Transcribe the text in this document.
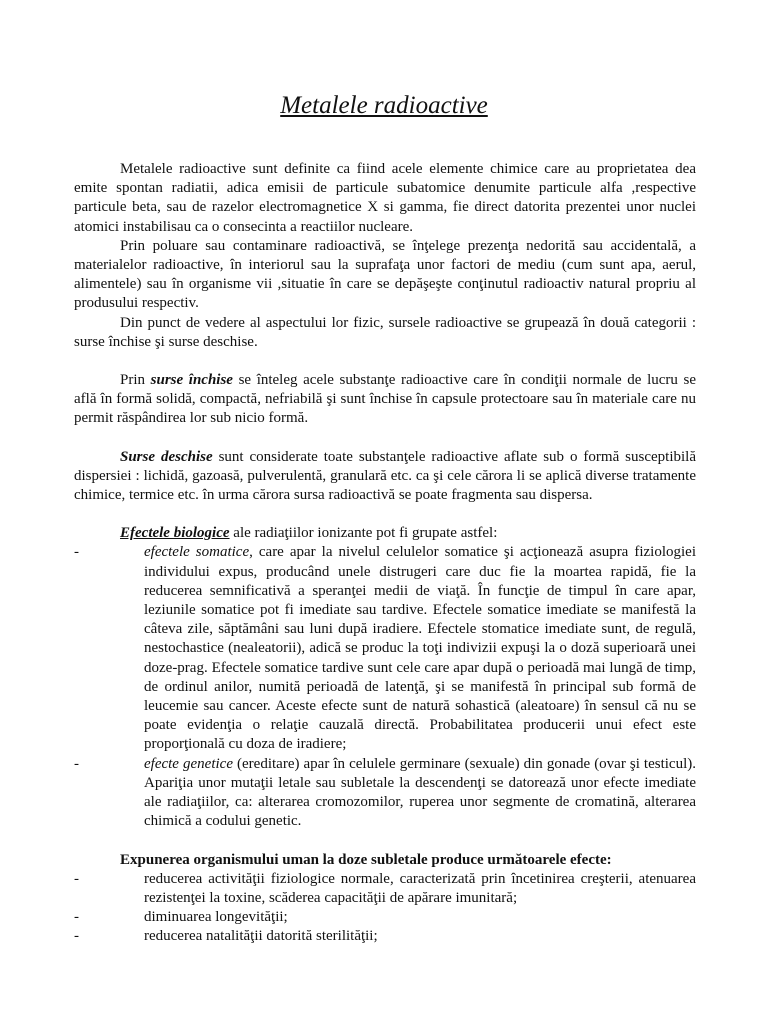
Metalele radioactive

Metalele radioactive sunt definite ca fiind acele elemente chimice care au proprietatea dea emite spontan radiatii, adica emisii de particule subatomice denumite particule alfa ,respective particule beta, sau de razelor electromagnetice X si gamma, fie direct datorita prezentei unor nuclei atomici instabilisau ca o consecinta a reactiilor nucleare.

Prin poluare sau contaminare radioactivă, se înţelege prezenţa nedorită sau accidentală, a materialelor radioactive, în interiorul sau la suprafaţa unor factori de mediu (cum sunt apa, aerul, alimentele) sau în organisme vii ,situatie în care se depăşeşte conţinutul radioactiv natural propriu al produsului respectiv.

Din punct de vedere al aspectului lor fizic, sursele radioactive se grupează în două categorii : surse închise şi surse deschise.

Prin surse închise se înteleg acele substanţe radioactive care în condiţii normale de lucru se află în formă solidă, compactă, nefriabilă şi sunt închise în capsule protectoare sau în materiale care nu permit răspândirea lor sub nicio formă.

Surse deschise sunt considerate toate substanţele radioactive aflate sub o formă susceptibilă dispersiei : lichidă, gazoasă, pulverulentă, granulară etc. ca şi cele cărora li se aplică diverse tratamente chimice, termice etc. în urma cărora sursa radioactivă se poate fragmenta sau dispersa.

Efectele biologice ale radiaţiilor ionizante pot fi grupate astfel:

-	efectele somatice, care apar la nivelul celulelor somatice şi acţionează asupra fiziologiei individului expus, producând unele distrugeri care duc fie la moartea rapidă, fie la reducerea semnificativă a speranţei medii de viaţă. În funcţie de timpul în care apar, leziunile somatice pot fi imediate sau tardive. Efectele somatice imediate se manifestă la câteva zile, săptămâni sau luni după iradiere. Efectele stomatice imediate sunt, de regulă, nestochastice (nealeatorii), adică se produc la toţi indivizii expuşi la o doză superioară unei doze-prag. Efectele somatice tardive sunt cele care apar după o perioadă mai lungă de timp, de ordinul anilor, numită perioadă de latenţă, şi se manifestă în principal sub formă de leucemie sau cancer. Aceste efecte sunt de natură sohastică (aleatoare) în sensul că nu se poate evidenţia o relaţie cauzală directă. Probabilitatea producerii unui efect este proporţională cu doza de iradiere;
-	efecte genetice (ereditare) apar în celulele germinare (sexuale) din gonade (ovar şi testicul). Apariţia unor mutaţii letale sau subletale la descendenţi se datorează unor efecte imediate ale radiaţiilor, ca: alterarea cromozomilor, ruperea unor segmente de cromatină, alterarea chimică a codului genetic.

Expunerea organismului uman la doze subletale produce următoarele efecte:

-	reducerea activităţii fiziologice normale, caracterizată prin încetinirea creşterii, atenuarea rezistenţei la toxine, scăderea capacităţii de apărare imunitară;
-	diminuarea longevităţii;
-	reducerea natalităţii datorită sterilităţii;
